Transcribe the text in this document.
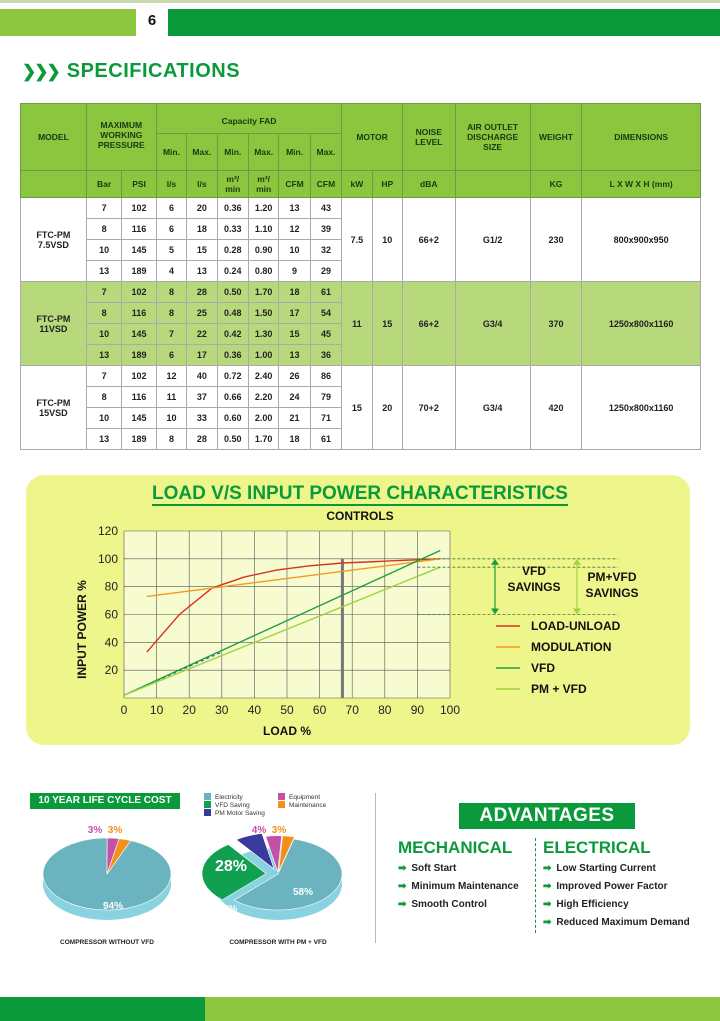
6
❯❯❯ SPECIFICATIONS
MODEL	MAXIMUM WORKING PRESSURE		Capacity FAD						MOTOR		NOISE LEVEL	AIR OUTLET DISCHARGE SIZE	WEIGHT	DIMENSIONS
			Min.	Max.	Min.	Max.	Min.	Max.						
	Bar	PSI	l/s	l/s	m³/ min	m³/ min	CFM	CFM	kW	HP	dBA		KG	L X W X H (mm)
FTC-PM 7.5VSD	7	102	6	20	0.36	1.20	13	43	7.5	10	66+2	G1/2	230	800x900x950
	8	116	6	18	0.33	1.10	12	39						
	10	145	5	15	0.28	0.90	10	32						
	13	189	4	13	0.24	0.80	9	29						
FTC-PM 11VSD	7	102	8	28	0.50	1.70	18	61	11	15	66+2	G3/4	370	1250x800x1160
	8	116	8	25	0.48	1.50	17	54						
	10	145	7	22	0.42	1.30	15	45						
	13	189	6	17	0.36	1.00	13	36						
FTC-PM 15VSD	7	102	12	40	0.72	2.40	26	86	15	20	70+2	G3/4	420	1250x800x1160
	8	116	11	37	0.66	2.20	24	79						
	10	145	10	33	0.60	2.00	21	71						
	13	189	8	28	0.50	1.70	18	61						
LOAD V/S INPUT POWER CHARACTERISTICS
CONTROLS
0 10 20 30 40 50 60 70 80 90 100
20
40
60
80
100
120
LOAD %
INPUT POWER %
VFD
SAVINGS
PM+VFD
SAVINGS
LOAD-UNLOAD
MODULATION
VFD
PM + VFD
10 YEAR LIFE CYCLE COST	Electricity
VFD Saving
PM Motor Saving
Equipment
Maintenance
3% 3%
94%
28%
7%
4% 3%
58%
COMPRESSOR WITHOUT VFD	COMPRESSOR WITH PM + VFD
ADVANTAGES
MECHANICAL ELECTRICAL
➡ Soft Start
➡ Minimum Maintenance
➡ Smooth Control
➡ Low Starting Current
➡ Improved Power Factor
➡ High Efficiency
➡ Reduced Maximum Demand
